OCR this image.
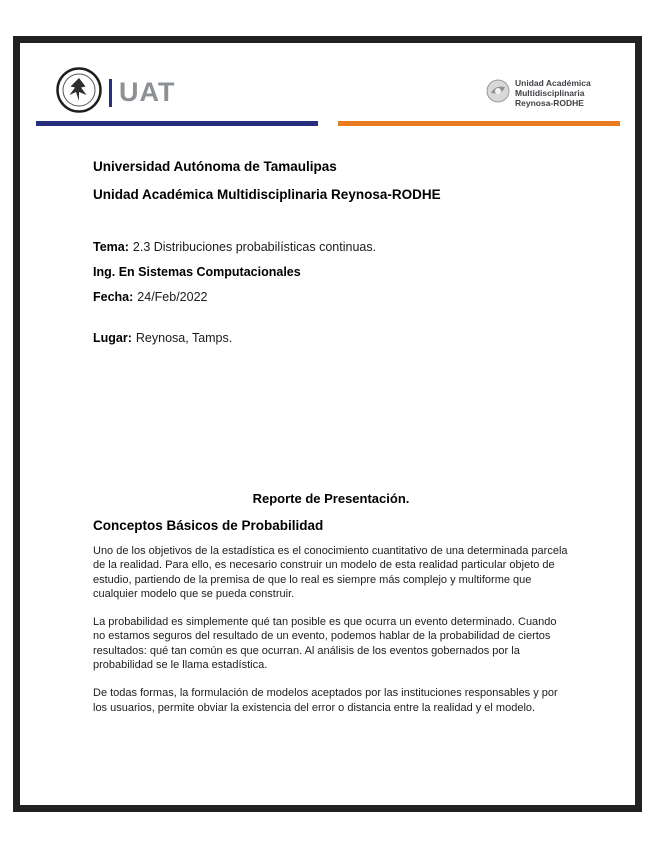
UAT	Unidad Académica
Multidisciplinaria
Reynosa-RODHE

Universidad Autónoma de Tamaulipas

Unidad Académica Multidisciplinaria Reynosa-RODHE

Tema: 2.3 Distribuciones probabilísticas continuas.

Ing. En Sistemas Computacionales

Fecha: 24/Feb/2022

Lugar: Reynosa, Tamps.

Reporte de Presentación.

Conceptos Básicos de Probabilidad

Uno de los objetivos de la estadística es el conocimiento cuantitativo de una determinada parcela de la realidad. Para ello, es necesario construir un modelo de esta realidad particular objeto de estudio, partiendo de la premisa de que lo real es siempre más complejo y multiforme que cualquier modelo que se pueda construir.

La probabilidad es simplemente qué tan posible es que ocurra un evento determinado. Cuando no estamos seguros del resultado de un evento, podemos hablar de la probabilidad de ciertos resultados: qué tan común es que ocurran. Al análisis de los eventos gobernados por la probabilidad se le llama estadística.

De todas formas, la formulación de modelos aceptados por las instituciones responsables y por los usuarios, permite obviar la existencia del error o distancia entre la realidad y el modelo.
